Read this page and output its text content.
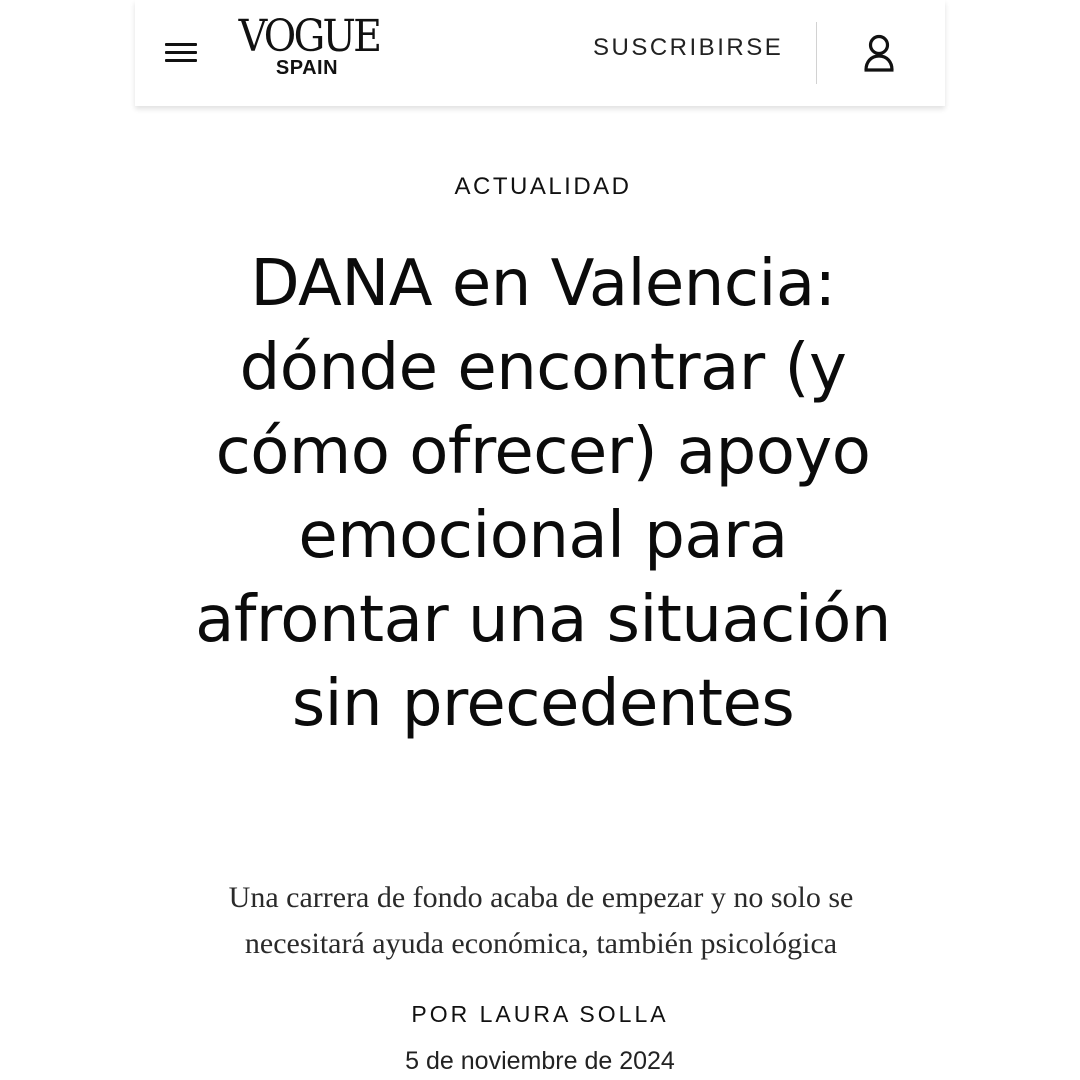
VOGUE
SPAIN
SUSCRIBIRSE
ACTUALIDAD
DANA en Valencia: dónde encontrar (y cómo ofrecer) apoyo emocional para afrontar una situación sin precedentes

Una carrera de fondo acaba de empezar y no solo se necesitará ayuda económica, también psicológica

POR LAURA SOLLA
5 de noviembre de 2024
